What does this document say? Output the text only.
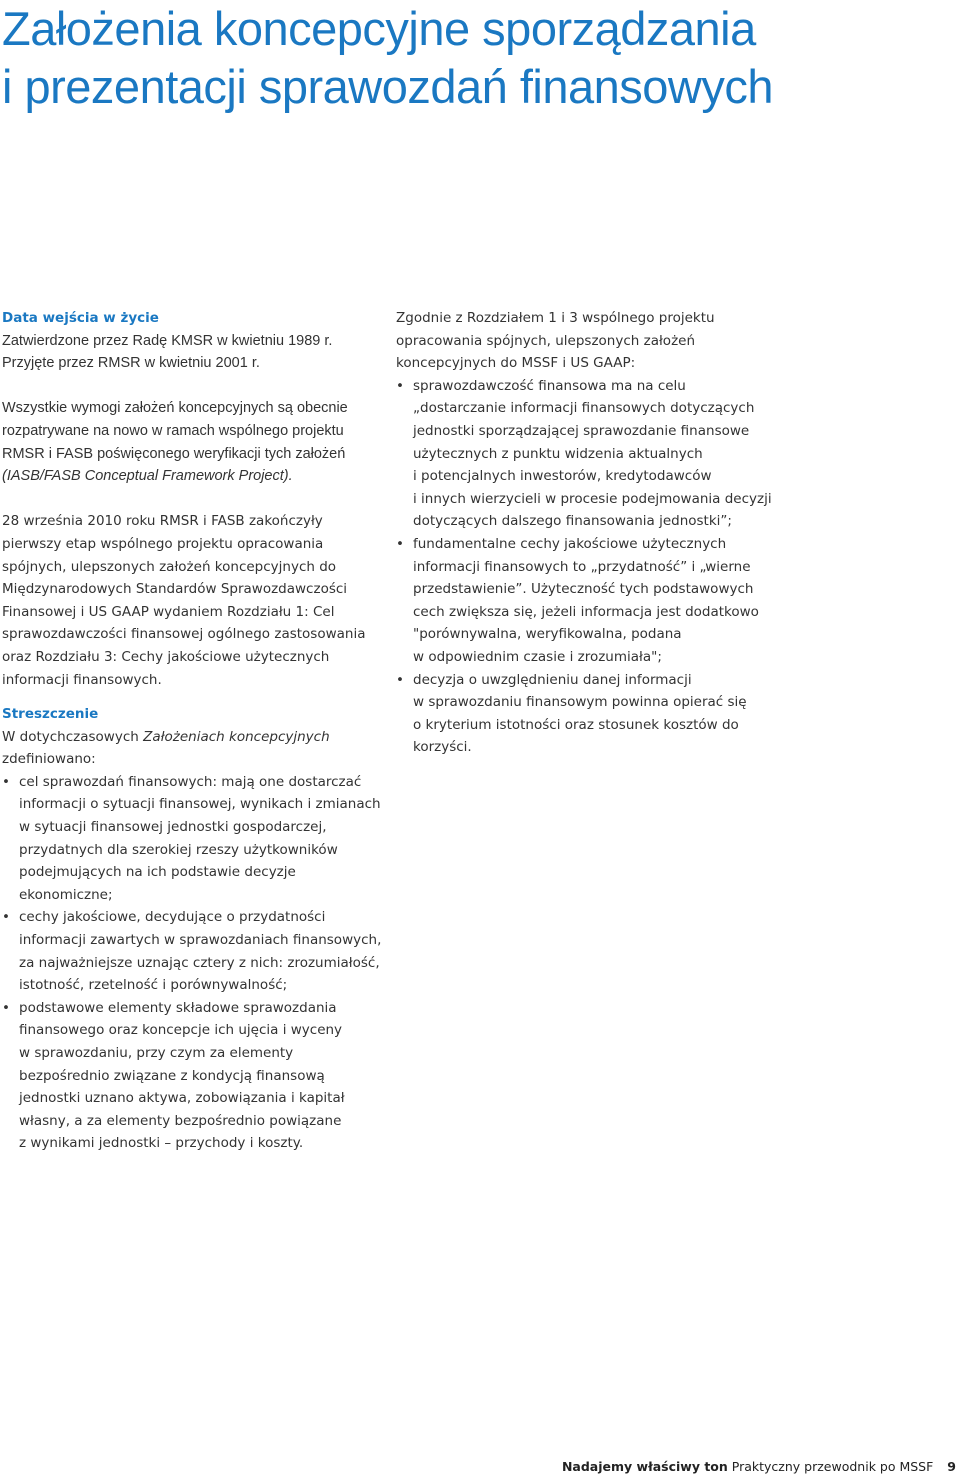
Założenia koncepcyjne sporządzania
i prezentacji sprawozdań finansowych
Data wejścia w życie
Zatwierdzone przez Radę KMSR w kwietniu 1989 r.
Przyjęte przez RMSR w kwietniu 2001 r.
Wszystkie wymogi założeń koncepcyjnych są obecnie
rozpatrywane na nowo w ramach wspólnego projektu
RMSR i FASB poświęconego weryfikacji tych założeń
(IASB/FASB Conceptual Framework Project).
28 września 2010 roku RMSR i FASB zakończyły
pierwszy etap wspólnego projektu opracowania
spójnych, ulepszonych założeń koncepcyjnych do
Międzynarodowych Standardów Sprawozdawczości
Finansowej i US GAAP wydaniem Rozdziału 1: Cel
sprawozdawczości finansowej ogólnego zastosowania
oraz Rozdziału 3: Cechy jakościowe użytecznych
informacji finansowych.
Streszczenie
W dotychczasowych Założeniach koncepcyjnych
zdefiniowano:
• cel sprawozdań finansowych: mają one dostarczać
informacji o sytuacji finansowej, wynikach i zmianach
w sytuacji finansowej jednostki gospodarczej,
przydatnych dla szerokiej rzeszy użytkowników
podejmujących na ich podstawie decyzje
ekonomiczne;
• cechy jakościowe, decydujące o przydatności
informacji zawartych w sprawozdaniach finansowych,
za najważniejsze uznając cztery z nich: zrozumiałość,
istotność, rzetelność i porównywalność;
• podstawowe elementy składowe sprawozdania
finansowego oraz koncepcje ich ujęcia i wyceny
w sprawozdaniu, przy czym za elementy
bezpośrednio związane z kondycją finansową
jednostki uznano aktywa, zobowiązania i kapitał
własny, a za elementy bezpośrednio powiązane
z wynikami jednostki – przychody i koszty.
Zgodnie z Rozdziałem 1 i 3 wspólnego projektu
opracowania spójnych, ulepszonych założeń
koncepcyjnych do MSSF i US GAAP:
• sprawozdawczość finansowa ma na celu
„dostarczanie informacji finansowych dotyczących
jednostki sporządzającej sprawozdanie finansowe
użytecznych z punktu widzenia aktualnych
i potencjalnych inwestorów, kredytodawców
i innych wierzycieli w procesie podejmowania decyzji
dotyczących dalszego finansowania jednostki”;
• fundamentalne cechy jakościowe użytecznych
informacji finansowych to „przydatność” i „wierne
przedstawienie”. Użyteczność tych podstawowych
cech zwiększa się, jeżeli informacja jest dodatkowo
"porównywalna, weryfikowalna, podana
w odpowiednim czasie i zrozumiała";
• decyzja o uwzględnieniu danej informacji
w sprawozdaniu finansowym powinna opierać się
o kryterium istotności oraz stosunek kosztów do
korzyści.
Nadajemy właściwy ton Praktyczny przewodnik po MSSF 9
